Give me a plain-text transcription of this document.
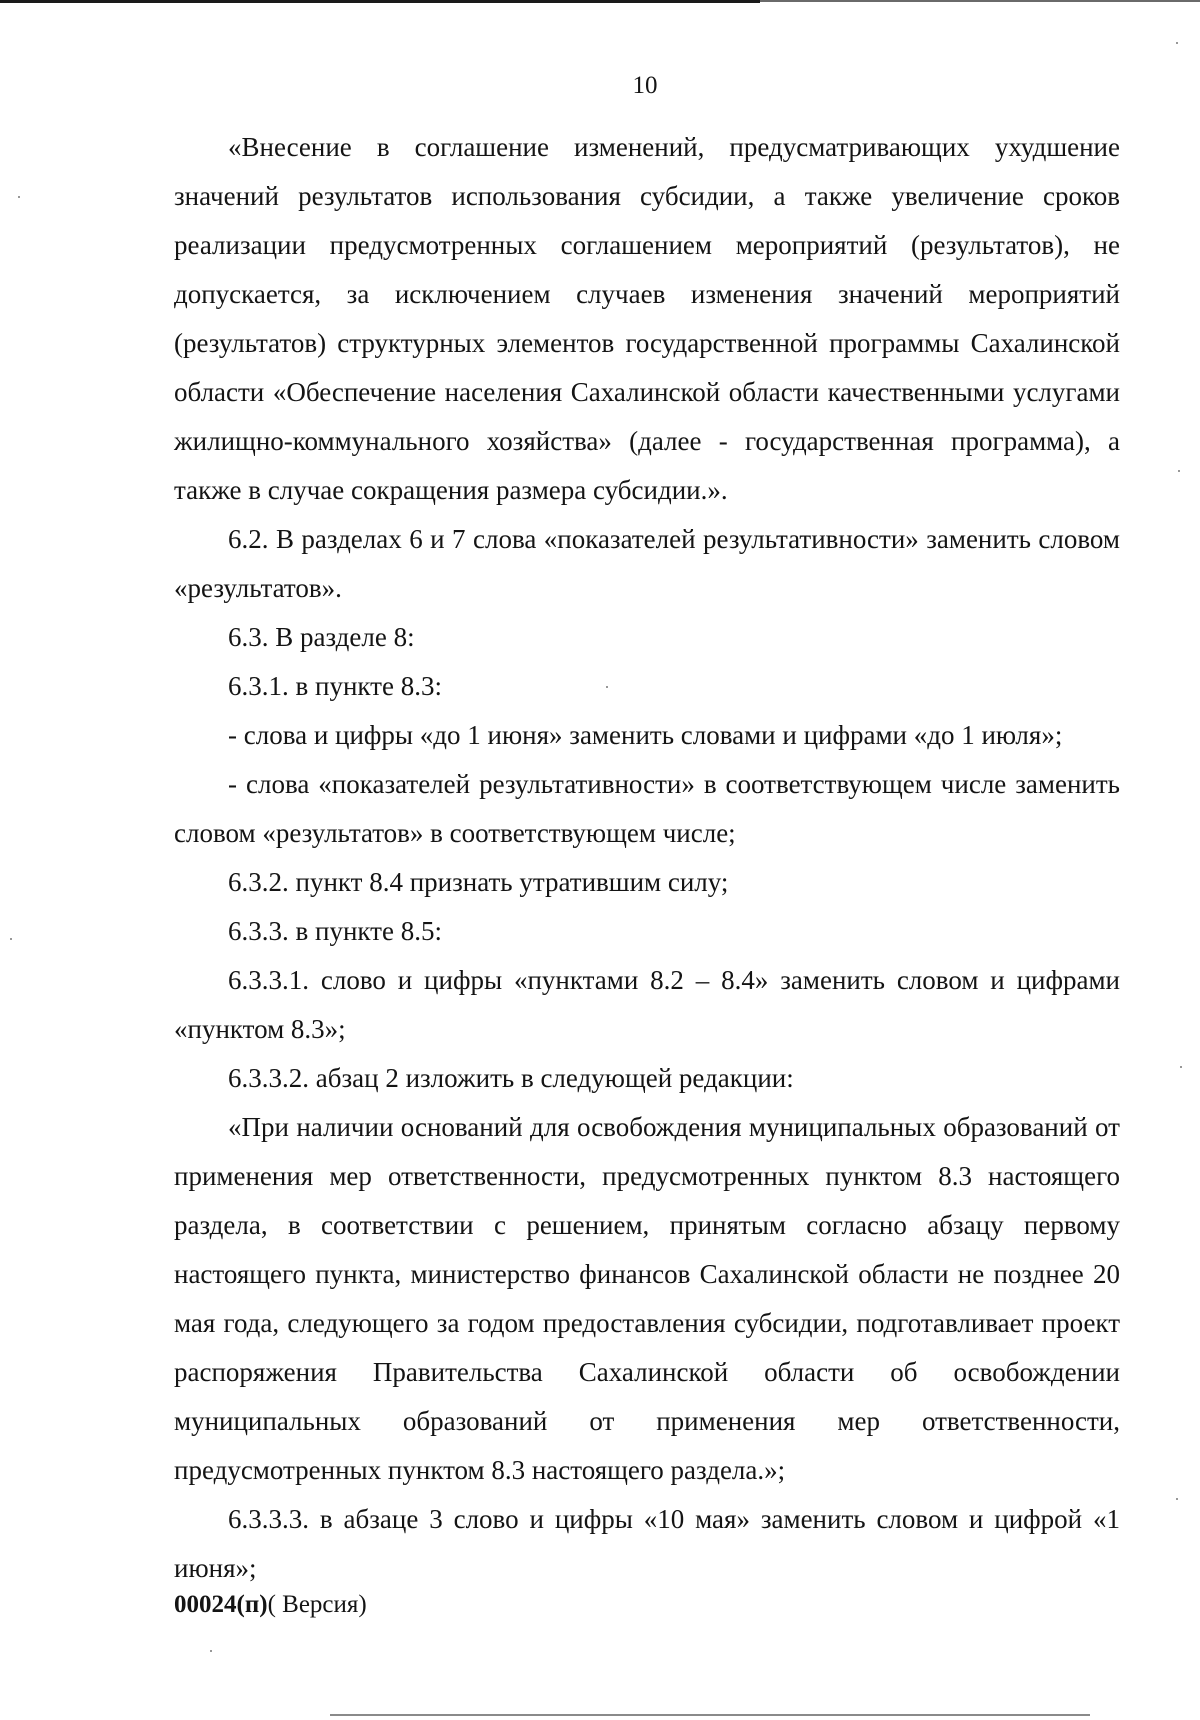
10

«Внесение в соглашение изменений, предусматривающих ухудшение значений результатов использования субсидии, а также увеличение сроков реализации предусмотренных соглашением мероприятий (результатов), не допускается, за исключением случаев изменения значений мероприятий (результатов) структурных элементов государственной программы Сахалинской области «Обеспечение населения Сахалинской области качественными услугами жилищно-коммунального хозяйства» (далее - государственная программа), а также в случае сокращения размера субсидии.».

6.2. В разделах 6 и 7 слова «показателей результативности» заменить словом «результатов».

6.3. В разделе 8:

6.3.1. в пункте 8.3:

- слова и цифры «до 1 июня» заменить словами и цифрами «до 1 июля»;

- слова «показателей результативности» в соответствующем числе заменить словом «результатов» в соответствующем числе;

6.3.2. пункт 8.4 признать утратившим силу;

6.3.3. в пункте 8.5:

6.3.3.1. слово и цифры «пунктами 8.2 – 8.4» заменить словом и цифрами «пунктом 8.3»;

6.3.3.2. абзац 2 изложить в следующей редакции:

«При наличии оснований для освобождения муниципальных образований от применения мер ответственности, предусмотренных пунктом 8.3 настоящего раздела, в соответствии с решением, принятым согласно абзацу первому настоящего пункта, министерство финансов Сахалинской области не позднее 20 мая года, следующего за годом предоставления субсидии, подготавливает проект распоряжения Правительства Сахалинской области об освобождении муниципальных образований от применения мер ответственности, предусмотренных пунктом 8.3 настоящего раздела.»;

6.3.3.3. в абзаце 3 слово и цифры «10 мая» заменить словом и цифрой «1 июня»;

00024(п)( Версия)
